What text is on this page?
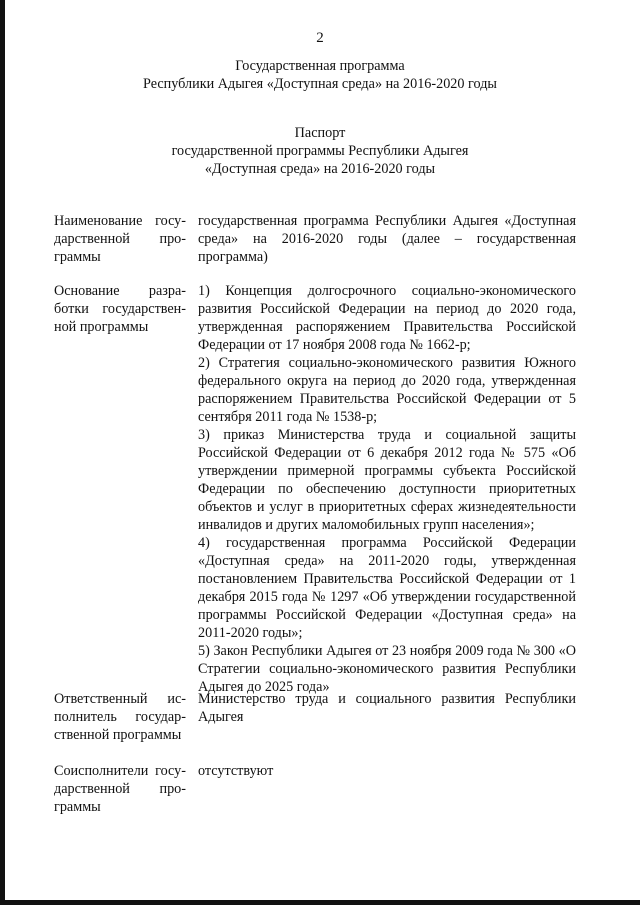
2
Государственная программа
Республики Адыгея «Доступная среда» на 2016-2020 годы
Паспорт
государственной программы Республики Адыгея
«Доступная среда» на 2016-2020 годы
Наименование госу-
дарственной про-
граммы

государственная программа Республики Адыгея «Доступная среда» на 2016-2020 годы (далее – государственная программа)

Основание разра-
ботки государствен-
ной программы

1) Концепция долгосрочного социально-экономического развития Российской Федерации на период до 2020 года, утвержденная распоряжением Правительства Российской Федерации от 17 ноября 2008 года № 1662-р;

2) Стратегия социально-экономического развития Южного федерального округа на период до 2020 года, утвержденная распоряжением Правительства Российской Федерации от 5 сентября 2011 года № 1538-р;

3) приказ Министерства труда и социальной защиты Российской Федерации от 6 декабря 2012 года № 575 «Об утверждении примерной программы субъекта Российской Федерации по обеспечению доступности приоритетных объектов и услуг в приоритетных сферах жизнедеятельности инвалидов и других маломобильных групп населения»;

4) государственная программа Российской Федерации «Доступная среда» на 2011-2020 годы, утвержденная постановлением Правительства Российской Федерации от 1 декабря 2015 года № 1297 «Об утверждении государственной программы Российской Федерации «Доступная среда» на 2011-2020 годы»;

5) Закон Республики Адыгея от 23 ноября 2009 года № 300 «О Стратегии социально-экономического развития Республики Адыгея до 2025 года»

Ответственный ис-
полнитель государ-
ственной программы

Министерство труда и социального развития Республики Адыгея

Соисполнители госу-
дарственной про-
граммы

отсутствуют
